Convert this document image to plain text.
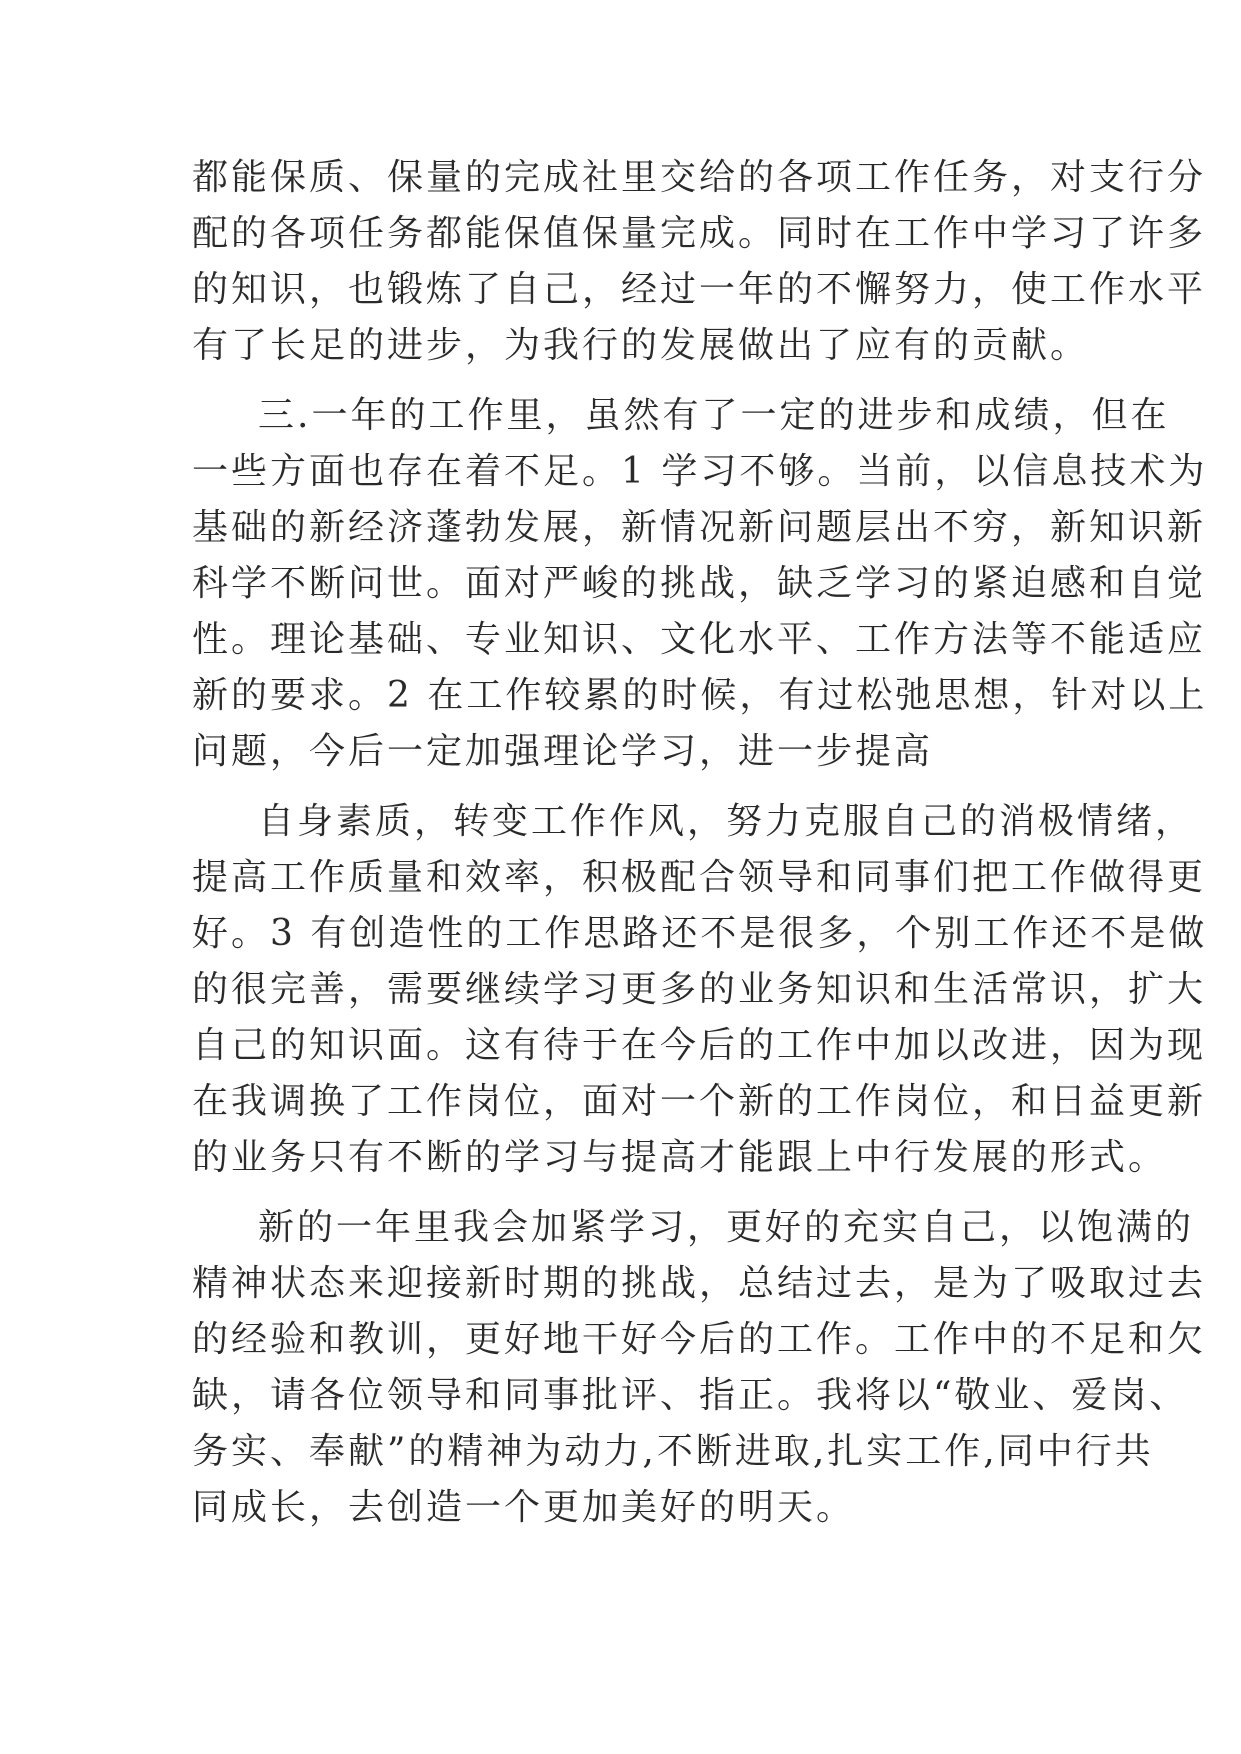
都能保质、保量的完成社里交给的各项工作任务，对支行分
配的各项任务都能保值保量完成。同时在工作中学习了许多
的知识，也锻炼了自己，经过一年的不懈努力，使工作水平
有了长足的进步，为我行的发展做出了应有的贡献。
三.一年的工作里，虽然有了一定的进步和成绩，但在
一些方面也存在着不足。1 学习不够。当前，以信息技术为
基础的新经济蓬勃发展，新情况新问题层出不穷，新知识新
科学不断问世。面对严峻的挑战，缺乏学习的紧迫感和自觉
性。理论基础、专业知识、文化水平、工作方法等不能适应
新的要求。2 在工作较累的时候，有过松弛思想，针对以上
问题，今后一定加强理论学习，进一步提高
自身素质，转变工作作风，努力克服自己的消极情绪，
提高工作质量和效率，积极配合领导和同事们把工作做得更
好。3 有创造性的工作思路还不是很多，个别工作还不是做
的很完善，需要继续学习更多的业务知识和生活常识，扩大
自己的知识面。这有待于在今后的工作中加以改进，因为现
在我调换了工作岗位，面对一个新的工作岗位，和日益更新
的业务只有不断的学习与提高才能跟上中行发展的形式。
新的一年里我会加紧学习，更好的充实自己，以饱满的
精神状态来迎接新时期的挑战，总结过去，是为了吸取过去
的经验和教训，更好地干好今后的工作。工作中的不足和欠
缺，请各位领导和同事批评、指正。我将以“敬业、爱岗、
务实、奉献”的精神为动力,不断进取,扎实工作,同中行共
同成长，去创造一个更加美好的明天。
